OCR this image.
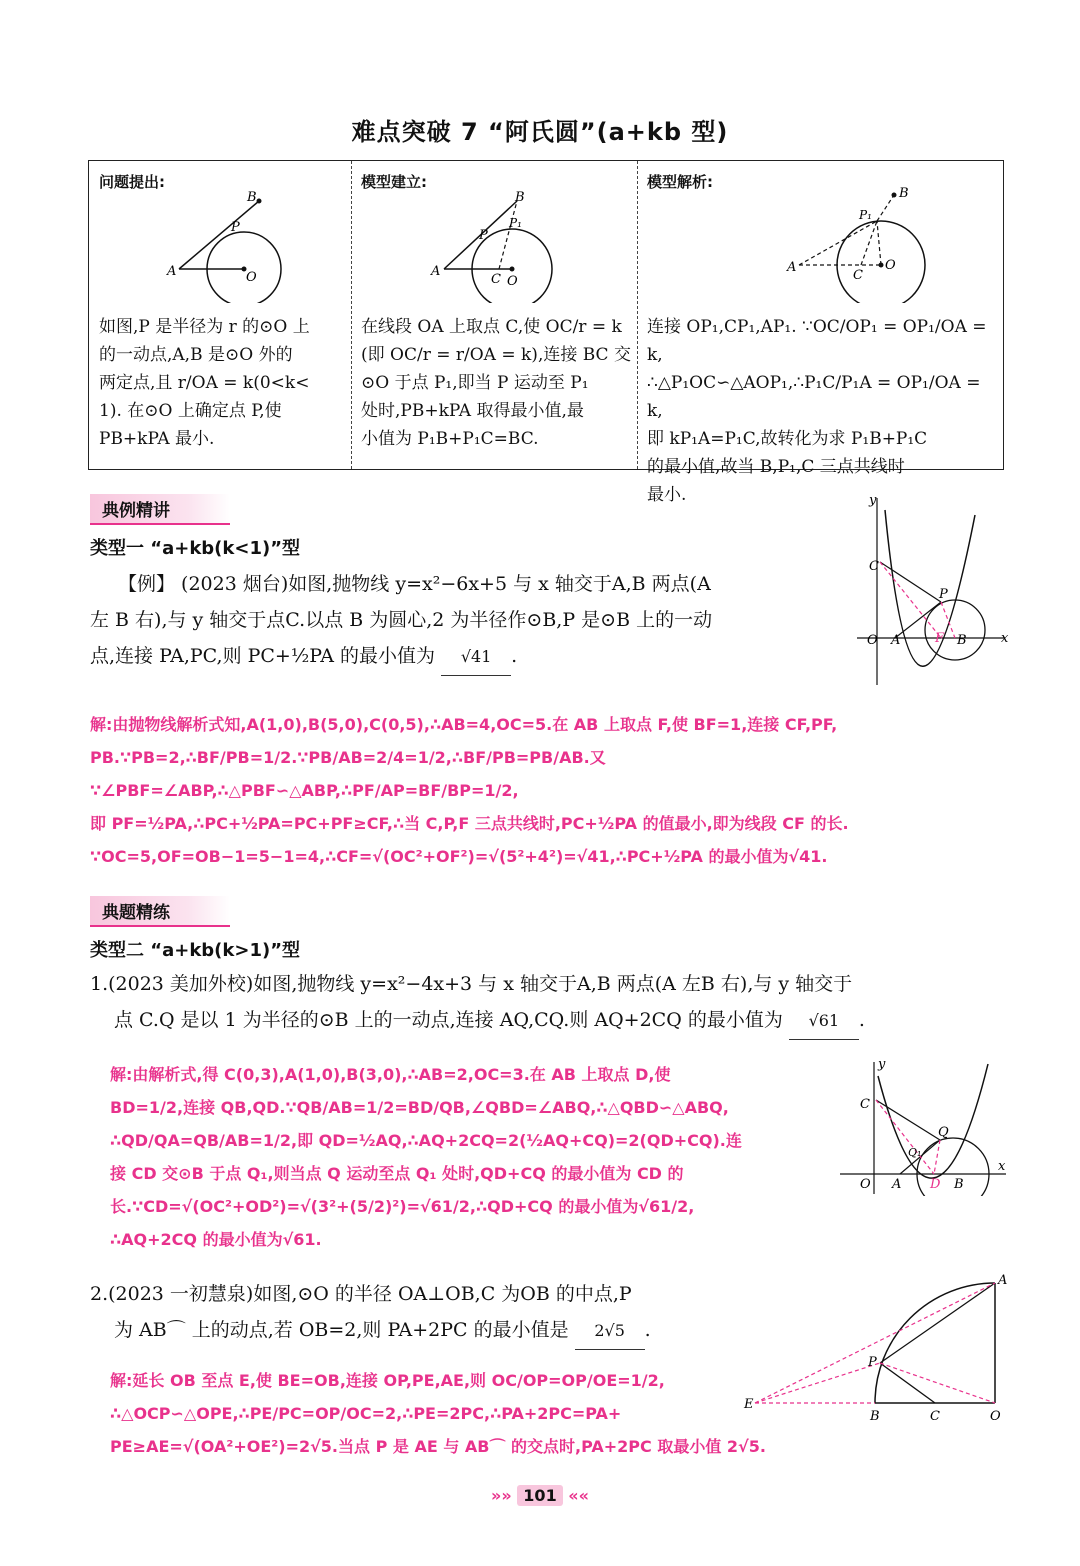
难点突破 7 “阿氏圆”(a+kb 型)
问题提出:
A	O
P
B
如图,P 是半径为 r 的⊙O 上
的一动点,A,B 是⊙O 外的
两定点,且 r/OA = k(0<k<
1). 在⊙O 上确定点 P,使
PB+kPA 最小.
模型建立:
A
O
C
P
P₁
B
在线段 OA 上取点 C,使 OC/r = k
(即 OC/r = r/OA = k),连接 BC 交
⊙O 于点 P₁,即当 P 运动至 P₁
处时,PB+kPA 取得最小值,最
小值为 P₁B+P₁C=BC.
模型解析:
A	O
C
P₁
B
连接 OP₁,CP₁,AP₁. ∵OC/OP₁ = OP₁/OA = k,
∴△P₁OC∽△AOP₁,∴P₁C/P₁A = OP₁/OA = k,
即 kP₁A=P₁C,故转化为求 P₁B+P₁C
的最小值,故当 B,P₁,C 三点共线时
最小.
典例精讲
类型一 “a+kb(k<1)”型
【例】 (2023 烟台)如图,抛物线 y=x²−6x+5 与 x 轴交于A,B 两点(A
左 B 右),与 y 轴交于点C.以点 B 为圆心,2 为半径作⊙B,P 是⊙B 上的一动
点,连接 PA,PC,则 PC+½PA 的最小值为 √41 .
y
x
C
P
O A	F B
解:由抛物线解析式知,A(1,0),B(5,0),C(0,5),∴AB=4,OC=5.在 AB 上取点 F,使 BF=1,连接 CF,PF,
PB.∵PB=2,∴BF/PB=1/2.∵PB/AB=2/4=1/2,∴BF/PB=PB/AB.又∵∠PBF=∠ABP,∴△PBF∽△ABP,∴PF/AP=BF/BP=1/2,
即 PF=½PA,∴PC+½PA=PC+PF≥CF,∴当 C,P,F 三点共线时,PC+½PA 的值最小,即为线段 CF 的长.
∵OC=5,OF=OB−1=5−1=4,∴CF=√(OC²+OF²)=√(5²+4²)=√41,∴PC+½PA 的最小值为√41.
典题精练
类型二 “a+kb(k>1)”型
1.(2023 美加外校)如图,抛物线 y=x²−4x+3 与 x 轴交于A,B 两点(A 左B 右),与 y 轴交于
点 C.Q 是以 1 为半径的⊙B 上的一动点,连接 AQ,CQ.则 AQ+2CQ 的最小值为 √61 .
解:由解析式,得 C(0,3),A(1,0),B(3,0),∴AB=2,OC=3.在 AB 上取点 D,使
BD=1/2,连接 QB,QD.∵QB/AB=1/2=BD/QB,∠QBD=∠ABQ,∴△QBD∽△ABQ,
∴QD/QA=QB/AB=1/2,即 QD=½AQ,∴AQ+2CQ=2(½AQ+CQ)=2(QD+CQ).连
接 CD 交⊙B 于点 Q₁,则当点 Q 运动至点 Q₁ 处时,QD+CQ 的最小值为 CD 的
长.∵CD=√(OC²+OD²)=√(3²+(5/2)²)=√61/2,∴QD+CQ 的最小值为√61/2,
∴AQ+2CQ 的最小值为√61.
y
x
C
Q
Q₁
O A D B
2.(2023 一初慧泉)如图,⊙O 的半径 OA⊥OB,C 为OB 的中点,P
为 AB⌒ 上的动点,若 OB=2,则 PA+2PC 的最小值是 2√5 .
解:延长 OB 至点 E,使 BE=OB,连接 OP,PE,AE,则 OC/OP=OP/OE=1/2,
∴△OCP∽△OPE,∴PE/PC=OP/OC=2,∴PE=2PC,∴PA+2PC=PA+
PE≥AE=√(OA²+OE²)=2√5.当点 P 是 AE 与 AB⌒ 的交点时,PA+2PC 取最小值 2√5.
A
P
E
B	C	O
»» 101 ««
